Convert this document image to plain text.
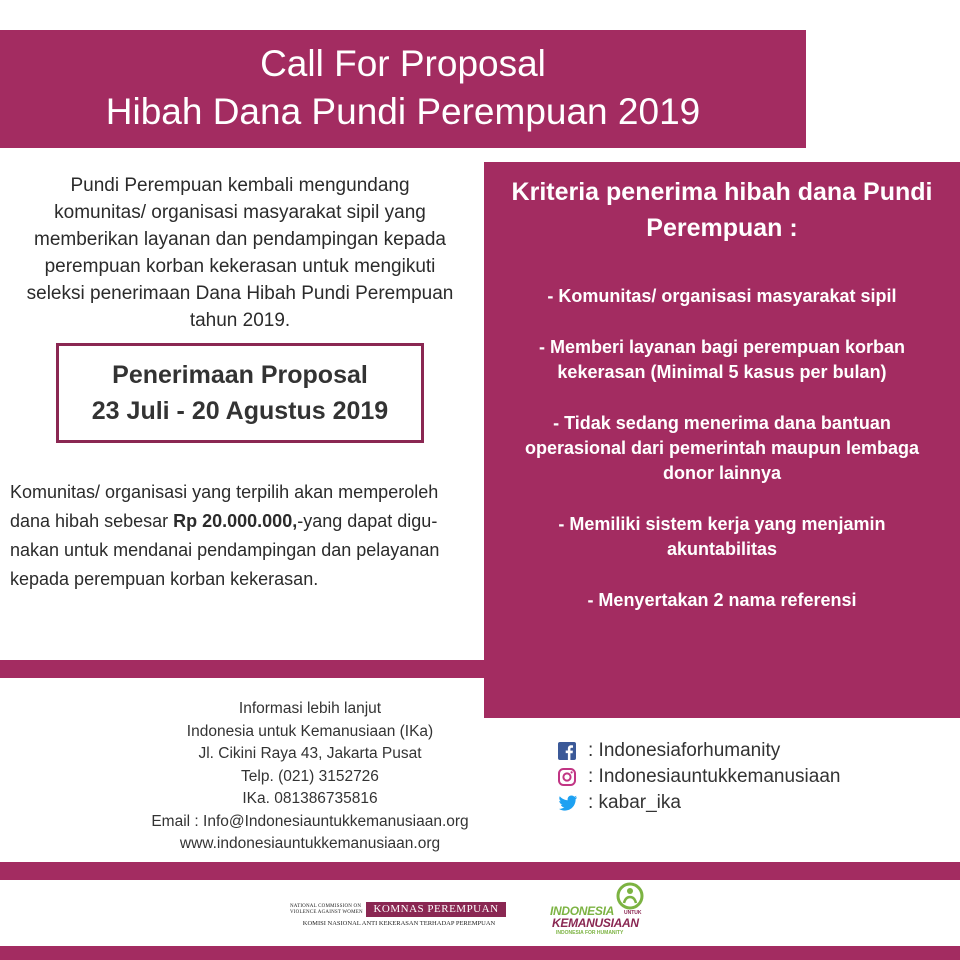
Call For Proposal
Hibah Dana Pundi Perempuan 2019
Pundi Perempuan kembali mengundang
komunitas/ organisasi masyarakat sipil yang
memberikan layanan dan pendampingan kepada
perempuan korban kekerasan untuk mengikuti
seleksi penerimaan Dana Hibah Pundi Perempuan
tahun 2019.
Penerimaan Proposal
23 Juli - 20 Agustus 2019
Komunitas/ organisasi yang terpilih akan memperoleh
dana hibah sebesar Rp 20.000.000,-yang dapat digu-
nakan untuk mendanai pendampingan dan pelayanan
kepada perempuan korban kekerasan.
Kriteria penerima hibah dana Pundi Perempuan :
- Komunitas/ organisasi masyarakat sipil
- Memberi layanan bagi perempuan korban kekerasan (Minimal 5 kasus per bulan)
- Tidak sedang menerima dana bantuan operasional dari pemerintah maupun lembaga donor lainnya
- Memiliki sistem kerja yang menjamin akuntabilitas
- Menyertakan 2 nama referensi
Informasi lebih lanjut
Indonesia untuk Kemanusiaan (IKa)
Jl. Cikini Raya 43, Jakarta Pusat
Telp. (021) 3152726
IKa. 081386735816
Email : Info@Indonesiauntukkemanusiaan.org
www.indonesiauntukkemanusiaan.org
: Indonesiaforhumanity
: Indonesiauntukkemanusiaan
: kabar_ika
NATIONAL COMMISSION ON VIOLENCE AGAINST WOMEN KOMNAS PEREMPUAN
KOMISI NASIONAL ANTI KEKERASAN TERHADAP PEREMPUAN
INDONESIA UNTUK
KEMANUSIAAN
INDONESIA FOR HUMANITY
